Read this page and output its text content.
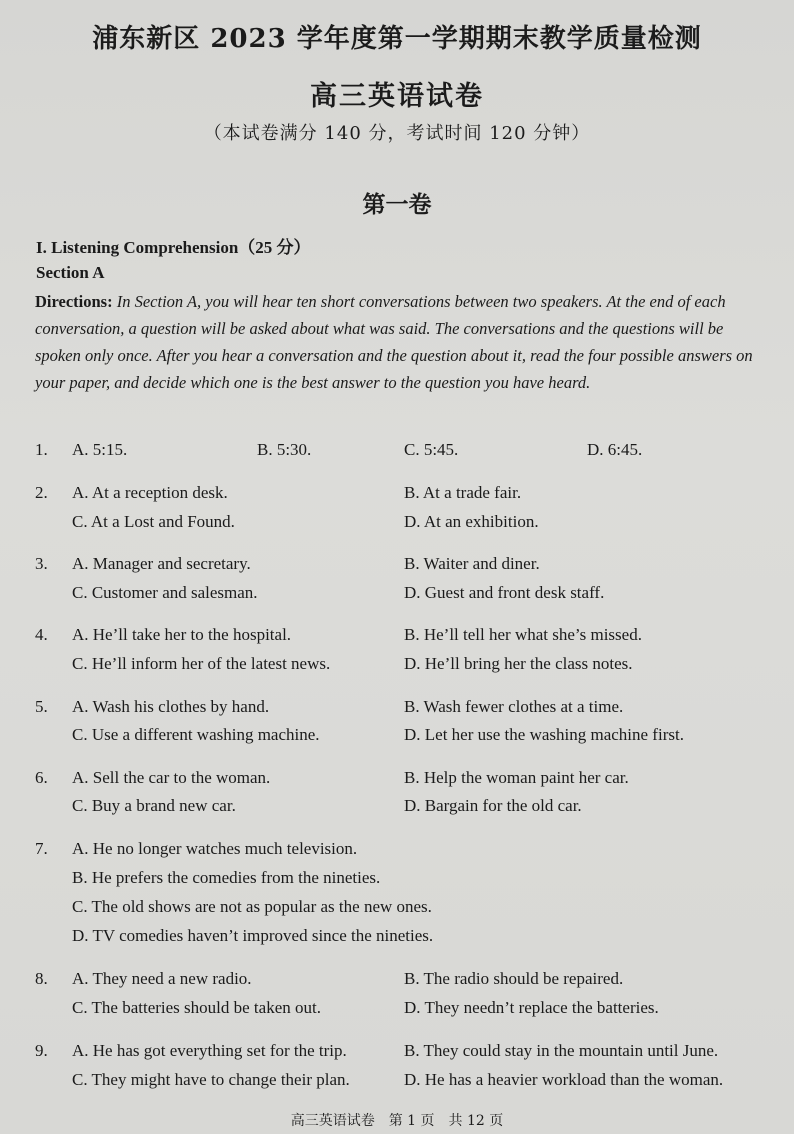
浦东新区 2023 学年度第一学期期末教学质量检测
高三英语试卷
（本试卷满分 140 分，考试时间 120 分钟）
第一卷
I. Listening Comprehension（25 分）
Section A
Directions: In Section A, you will hear ten short conversations between two speakers. At the end of each conversation, a question will be asked about what was said. The conversations and the questions will be spoken only once. After you hear a conversation and the question about it, read the four possible answers on your paper, and decide which one is the best answer to the question you have heard.
1. A. 5:15.	B. 5:30.	C. 5:45.	D. 6:45.
2. A. At a reception desk.	B. At a trade fair.
C. At a Lost and Found.	D. At an exhibition.
3. A. Manager and secretary.	B. Waiter and diner.
C. Customer and salesman.	D. Guest and front desk staff.
4. A. He’ll take her to the hospital.	B. He’ll tell her what she’s missed.
C. He’ll inform her of the latest news.	D. He’ll bring her the class notes.
5. A. Wash his clothes by hand.	B. Wash fewer clothes at a time.
C. Use a different washing machine.	D. Let her use the washing machine first.
6. A. Sell the car to the woman.	B. Help the woman paint her car.
C. Buy a brand new car.	D. Bargain for the old car.
7. A. He no longer watches much television.
B. He prefers the comedies from the nineties.
C. The old shows are not as popular as the new ones.
D. TV comedies haven’t improved since the nineties.
8. A. They need a new radio.	B. The radio should be repaired.
C. The batteries should be taken out.	D. They needn’t replace the batteries.
9. A. He has got everything set for the trip.	B. They could stay in the mountain until June.
C. They might have to change their plan.	D. He has a heavier workload than the woman.
高三英语试卷　第 1 页　共 12 页
